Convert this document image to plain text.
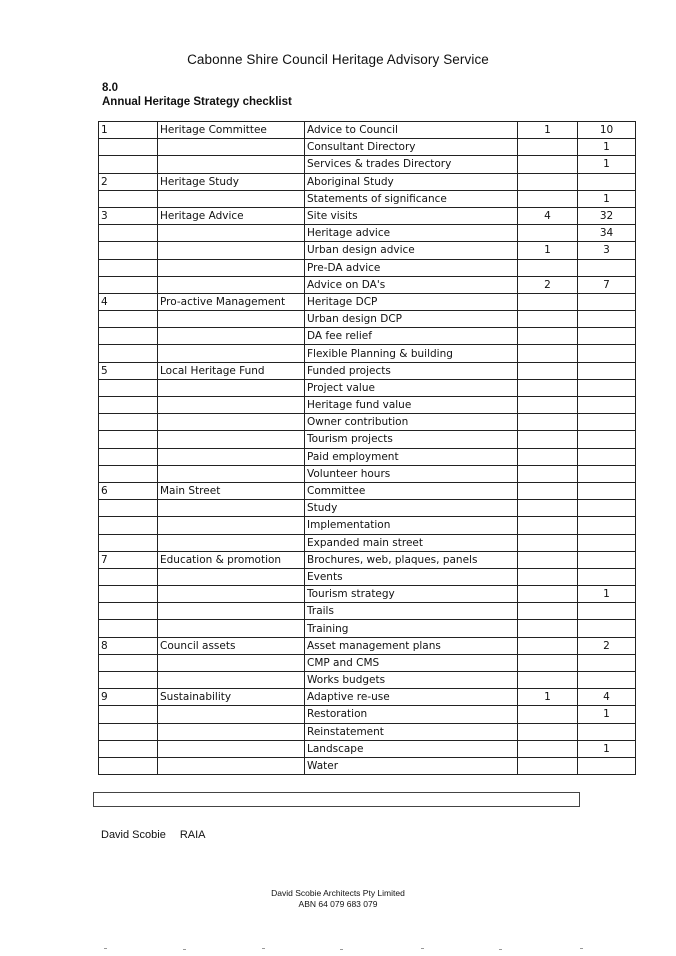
Cabonne Shire Council Heritage Advisory Service
8.0
Annual Heritage Strategy checklist
1	Heritage Committee	Advice to Council	1	10
		Consultant Directory		1
		Services & trades Directory		1
2	Heritage Study	Aboriginal Study		
		Statements of significance		1
3	Heritage Advice	Site visits	4	32
		Heritage advice		34
		Urban design advice	1	3
		Pre-DA advice		
		Advice on DA's	2	7
4	Pro-active Management	Heritage DCP		
		Urban design DCP		
		DA fee relief		
		Flexible Planning & building		
5	Local Heritage Fund	Funded projects		
		Project value		
		Heritage fund value		
		Owner contribution		
		Tourism projects		
		Paid employment		
		Volunteer hours		
6	Main Street	Committee		
		Study		
		Implementation		
		Expanded main street		
7	Education & promotion	Brochures, web, plaques, panels		
		Events		
		Tourism strategy		1
		Trails		
		Training		
8	Council assets	Asset management plans		2
		CMP and CMS		
		Works budgets		
9	Sustainability	Adaptive re-use	1	4
		Restoration		1
		Reinstatement		
		Landscape		1
		Water		
David Scobie RAIA
David Scobie Architects Pty Limited
ABN 64 079 683 079
